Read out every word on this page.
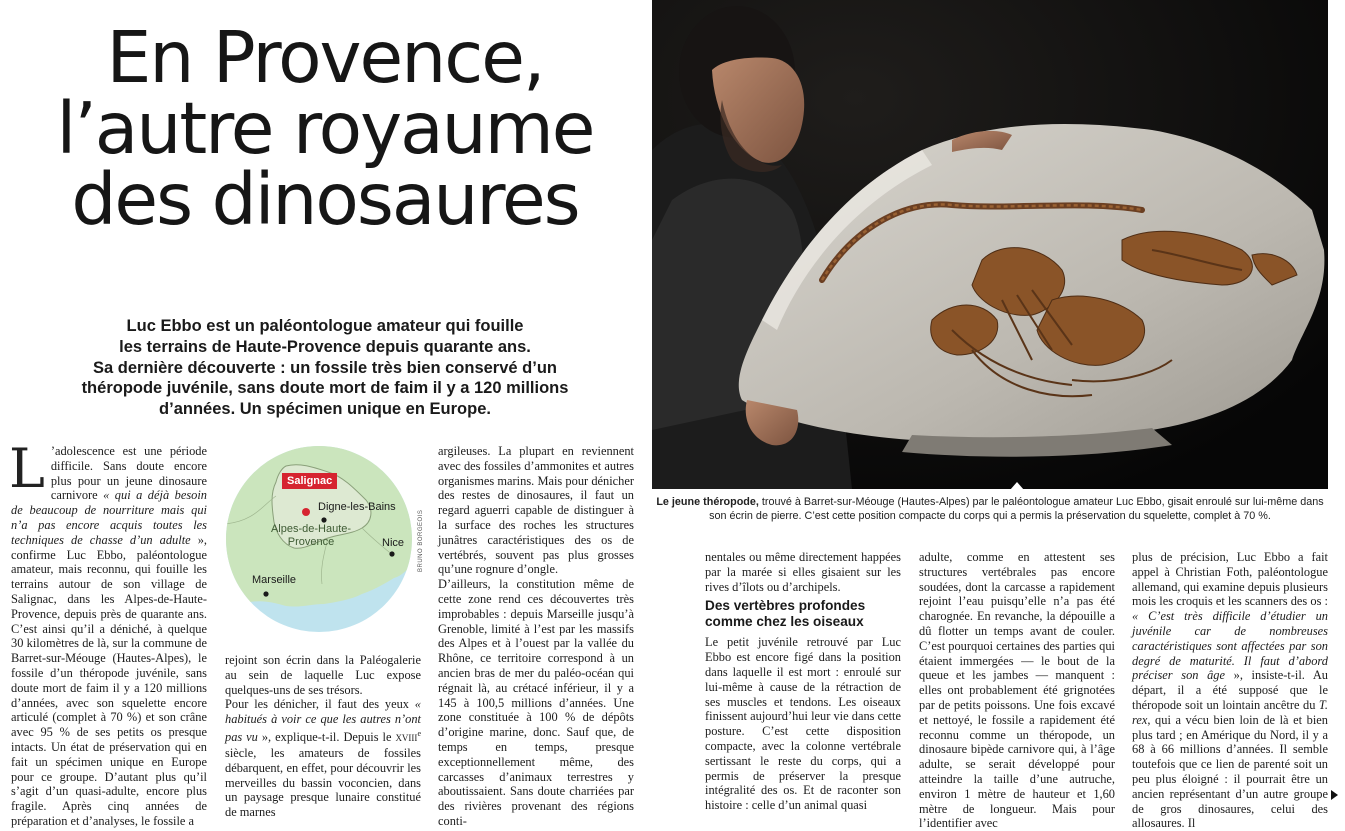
En Provence,
l’autre royaume
des dinosaures
Luc Ebbo est un paléontologue amateur qui fouille
les terrains de Haute-Provence depuis quarante ans.
Sa dernière découverte : un fossile très bien conservé d’un
théropode juvénile, sans doute mort de faim il y a 120 millions
d’années. Un spécimen unique en Europe.

L ’adolescence est une période difficile. Sans doute encore plus pour un jeune dinosaure carnivore « qui a déjà besoin de beaucoup de nourriture mais qui n’a pas encore acquis toutes les techniques de chasse d’un adulte », confirme Luc Ebbo, paléontologue amateur, mais reconnu, qui fouille les terrains autour de son village de Salignac, dans les Alpes-de-Haute-Provence, depuis près de quarante ans. C’est ainsi qu’il a déniché, à quelque 30 kilomètres de là, sur la commune de Barret-sur-Méouge (Hautes-Alpes), le fossile d’un théropode juvénile, sans doute mort de faim il y a 120 millions d’années, avec son squelette encore articulé (complet à 70 %) et son crâne avec 95 % de ses petits os presque intacts. Un état de préservation qui en fait un spécimen unique en Europe pour ce groupe. D’autant plus qu’il s’agit d’un quasi-adulte, encore plus fragile. Après cinq années de préparation et d’analyses, le fossile a

Salignac
Digne-les-Bains
Nice
Marseille
Alpes-de-Haute-Provence	BRUNO BORGEOIS

rejoint son écrin dans la Paléogalerie au sein de laquelle Luc expose quelques-uns de ses trésors.

Pour les dénicher, il faut des yeux « habitués à voir ce que les autres n’ont pas vu », explique-t-il. Depuis le XVIIIe siècle, les amateurs de fossiles débarquent, en effet, pour découvrir les merveilles du bassin voconcien, dans un paysage presque lunaire constitué de marnes

argileuses. La plupart en reviennent avec des fossiles d’ammonites et autres organismes marins. Mais pour dénicher des restes de dinosaures, il faut un regard aguerri capable de distinguer à la surface des roches les structures junâtres caractéristiques des os de vertébrés, souvent pas plus grosses qu’une rognure d’ongle.

D’ailleurs, la constitution même de cette zone rend ces découvertes très improbables : depuis Marseille jusqu’à Grenoble, limité à l’est par les massifs des Alpes et à l’ouest par la vallée du Rhône, ce territoire correspond à un ancien bras de mer du paléo-océan qui régnait là, au crétacé inférieur, il y a 145 à 100,5 millions d’années. Une zone constituée à 100 % de dépôts d’origine marine, donc. Sauf que, de temps en temps, presque exceptionnellement même, des carcasses d’animaux terrestres y aboutissaient. Sans doute charriées par des rivières provenant des régions conti-

Le jeune théropode, trouvé à Barret-sur-Méouge (Hautes-Alpes) par le paléontologue amateur Luc Ebbo, gisait enroulé sur lui-même dans son écrin de pierre. C’est cette position compacte du corps qui a permis la préservation du squelette, complet à 70 %.

nentales ou même directement happées par la marée si elles gisaient sur les rives d’îlots ou d’archipels.

Des vertèbres profondes comme chez les oiseaux

Le petit juvénile retrouvé par Luc Ebbo est encore figé dans la position dans laquelle il est mort : enroulé sur lui-même à cause de la rétraction de ses muscles et tendons. Les oiseaux finissent aujourd’hui leur vie dans cette posture. C’est cette disposition compacte, avec la colonne vertébrale sertissant le reste du corps, qui a permis de préserver la presque intégralité des os. Et de raconter son histoire : celle d’un animal quasi

adulte, comme en attestent ses structures vertébrales pas encore soudées, dont la carcasse a rapidement rejoint l’eau puisqu’elle n’a pas été charognée. En revanche, la dépouille a dû flotter un temps avant de couler. C’est pourquoi certaines des parties qui étaient immergées — le bout de la queue et les jambes — manquent : elles ont probablement été grignotées par de petits poissons. Une fois excavé et nettoyé, le fossile a rapidement été reconnu comme un théropode, un dinosaure bipède carnivore qui, à l’âge adulte, se serait développé pour atteindre la taille d’une autruche, environ 1 mètre de hauteur et 1,60 mètre de longueur. Mais pour l’identifier avec

plus de précision, Luc Ebbo a fait appel à Christian Foth, paléontologue allemand, qui examine depuis plusieurs mois les croquis et les scanners des os : « C’est très difficile d’étudier un juvénile car de nombreuses caractéristiques sont affectées par son degré de maturité. Il faut d’abord préciser son âge », insiste-t-il. Au départ, il a été supposé que le théropode soit un lointain ancêtre du T. rex, qui a vécu bien loin de là et bien plus tard ; en Amérique du Nord, il y a 68 à 66 millions d’années. Il semble toutefois que ce lien de parenté soit un peu plus éloigné : il pourrait être un ancien représentant d’un autre groupe de gros dinosaures, celui des allosaures. Il
